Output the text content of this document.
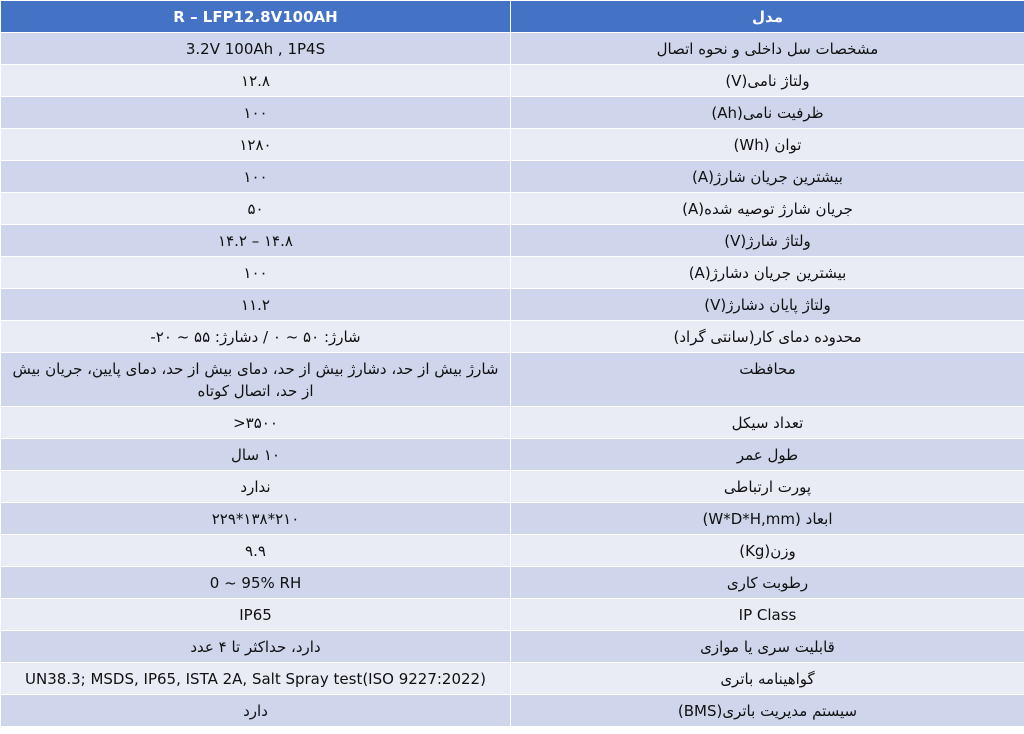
R – LFP12.8V100AH	مدل
3.2V 100Ah , 1P4S	مشخصات سل داخلی و نحوه اتصال
۱۲.۸	ولتاژ نامی(V)
۱۰۰	ظرفیت نامی(Ah)
۱۲۸۰	توان (Wh)
۱۰۰	بیشترین جریان شارژ(A)
۵۰	جریان شارژ توصیه شده(A)
۱۴.۲ – ۱۴.۸	ولتاژ شارژ(V)
۱۰۰	بیشترین جریان دشارژ(A)
۱۱.۲	ولتاژ پایان دشارژ(V)
شارژ: ۵۰ ~ ۰ / دشارژ: ۵۵ ~ ۲۰-	محدوده دمای کار(سانتی گراد)
شارژ بیش از حد، دشارژ بیش از حد، دمای بیش از حد، دمای پایین، جریان بیش از حد، اتصال کوتاه	محافظت
>۳۵۰۰	تعداد سیکل
۱۰ سال	طول عمر
ندارد	پورت ارتباطی
۲۲۹*۱۳۸*۲۱۰	ابعاد (W*D*H,mm)
۹.۹	وزن(Kg)
0 ~ 95% RH	رطوبت کاری
IP65	IP Class
دارد، حداکثر تا ۴ عدد	قابلیت سری یا موازی
UN38.3; MSDS, IP65, ISTA 2A, Salt Spray test(ISO 9227:2022)	گواهینامه باتری
دارد	سیستم مدیریت باتری(BMS)
